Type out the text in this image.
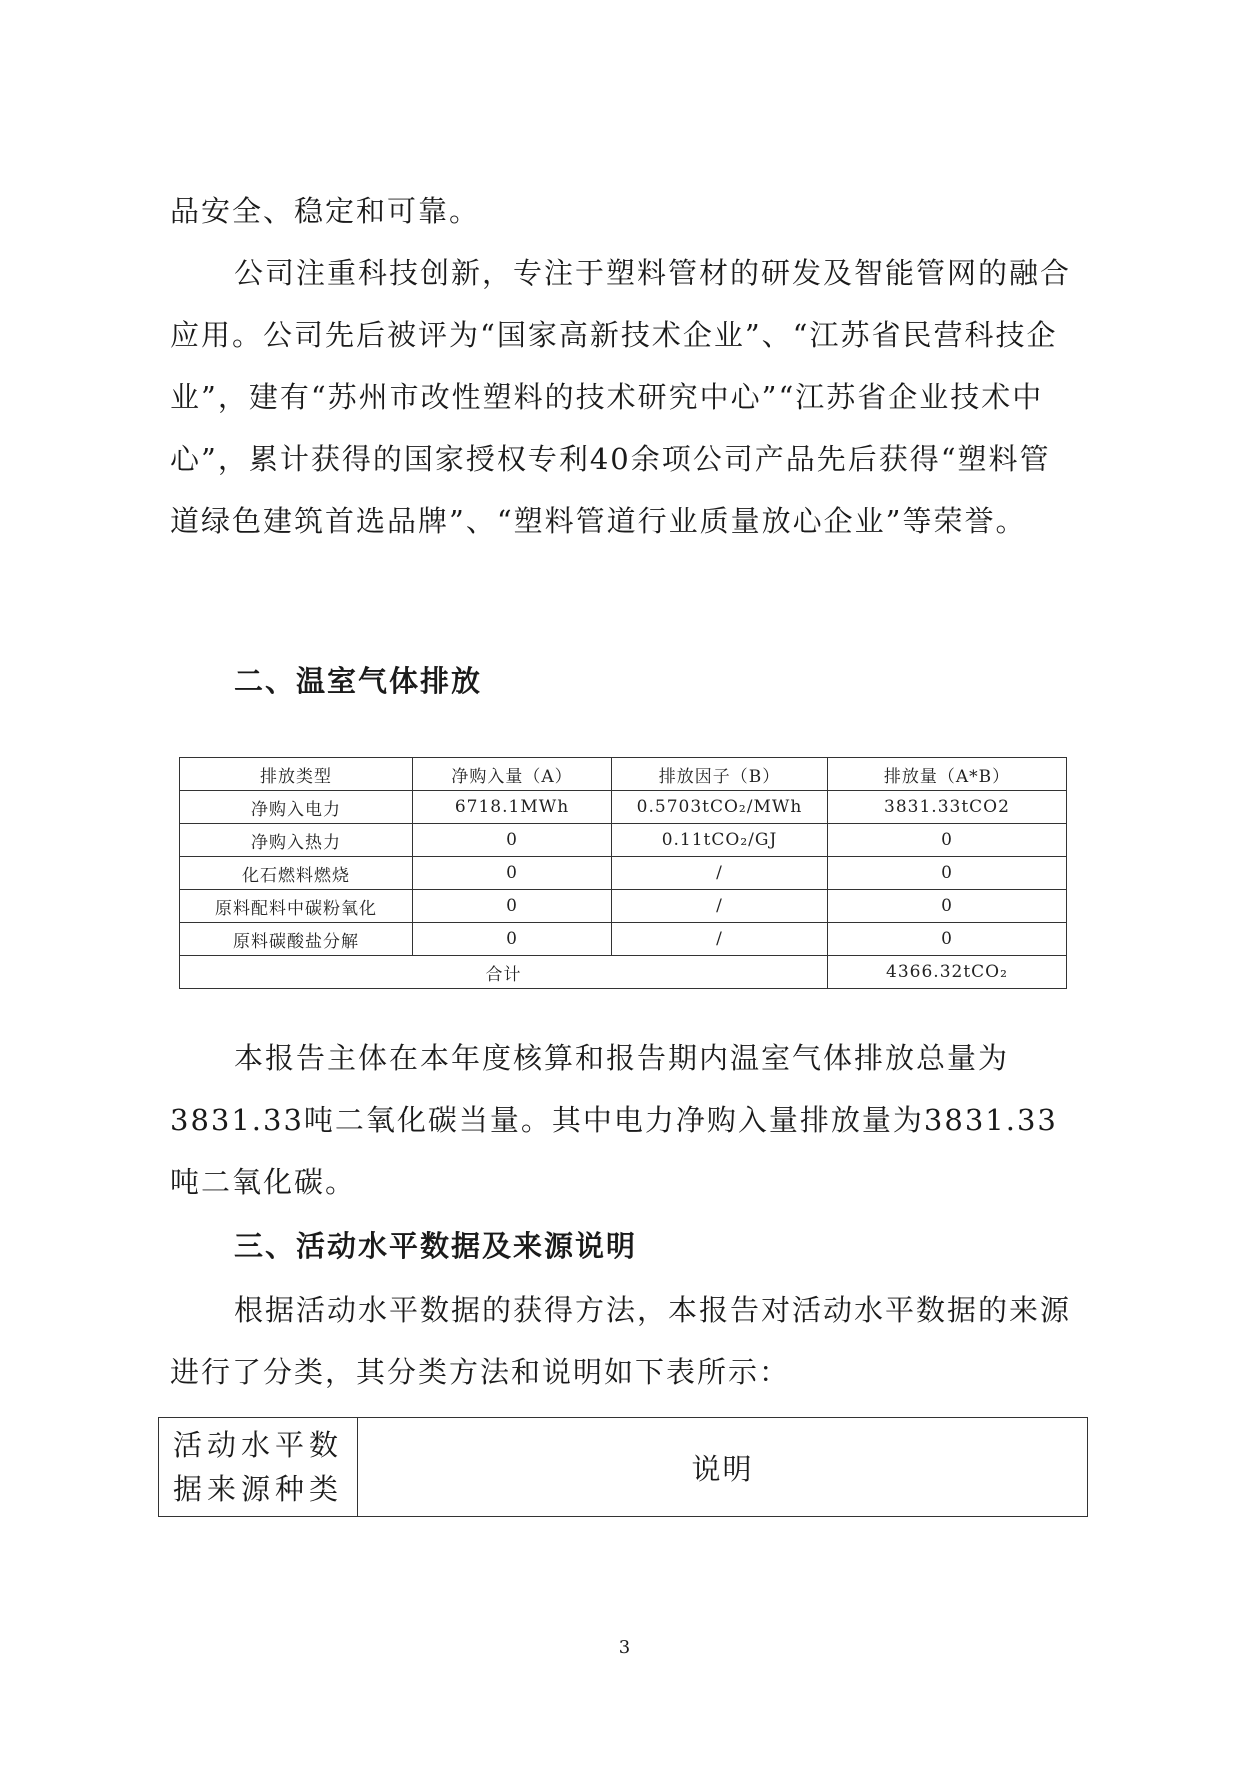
品安全、稳定和可靠。

公司注重科技创新，专注于塑料管材的研发及智能管网的融合应用。公司先后被评为“国家高新技术企业”、“江苏省民营科技企业”，建有“苏州市改性塑料的技术研究中心”“江苏省企业技术中心”，累计获得的国家授权专利40余项公司产品先后获得“塑料管道绿色建筑首选品牌”、“塑料管道行业质量放心企业”等荣誉。

二、温室气体排放
排放类型	净购入量（A）	排放因子（B）	排放量（A*B）
净购入电力	6718.1MWh	0.5703tCO₂/MWh	3831.33tCO2
净购入热力	0	0.11tCO₂/GJ	0
化石燃料燃烧	0	/	0
原料配料中碳粉氧化	0	/	0
原料碳酸盐分解	0	/	0
合计			4366.32tCO₂

本报告主体在本年度核算和报告期内温室气体排放总量为3831.33吨二氧化碳当量。其中电力净购入量排放量为3831.33吨二氧化碳。

三、活动水平数据及来源说明

根据活动水平数据的获得方法，本报告对活动水平数据的来源进行了分类，其分类方法和说明如下表所示：

活动水平数
据来源种类
	说明
3
